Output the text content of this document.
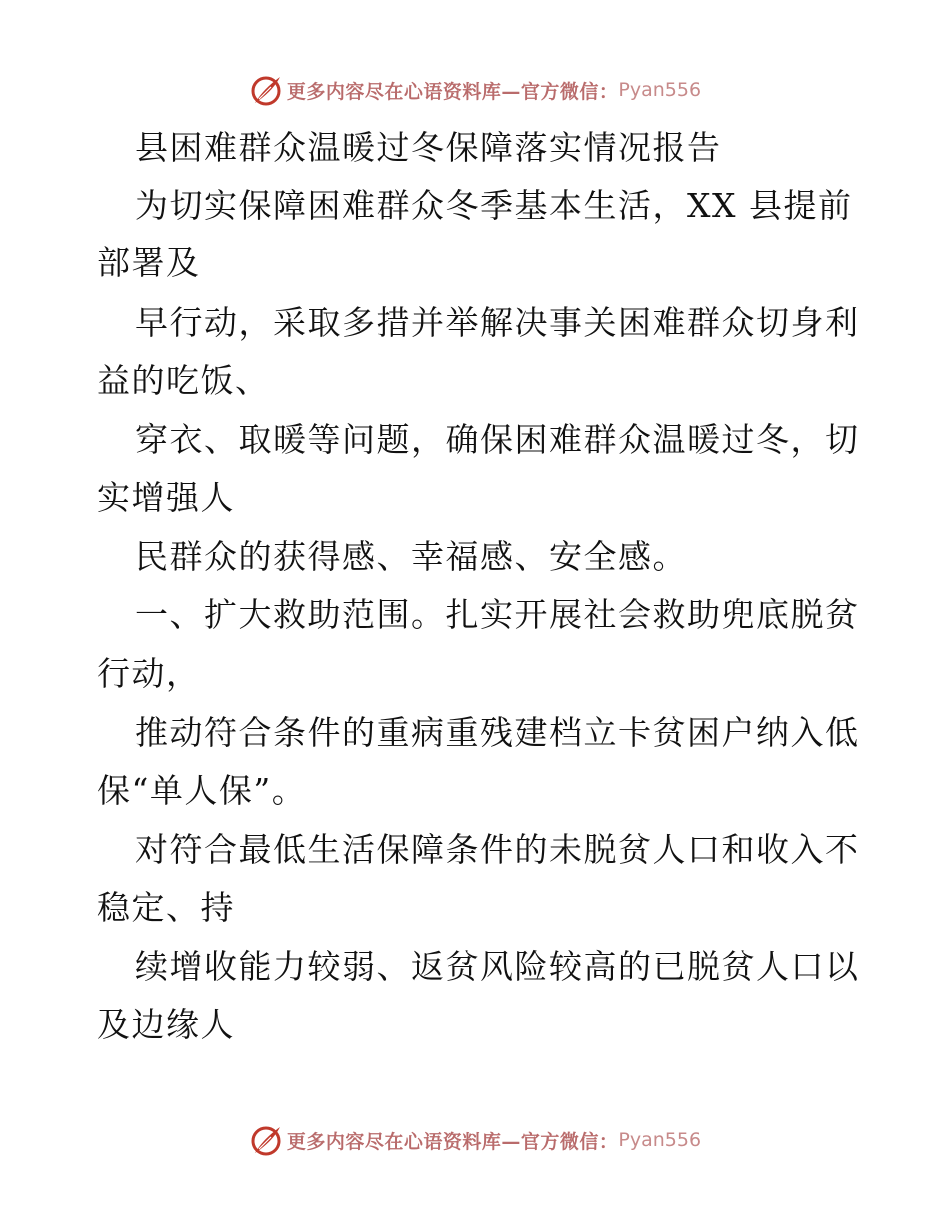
更多内容尽在心语资料库—官方微信： Pyan556
县困难群众温暖过冬保障落实情况报告
为切实保障困难群众冬季基本生活，XX 县提前
部署及
早行动，采取多措并举解决事关困难群众切身利
益的吃饭、
穿衣、取暖等问题，确保困难群众温暖过冬，切
实增强人
民群众的获得感、幸福感、安全感。
一、扩大救助范围。扎实开展社会救助兜底脱贫
行动，
推动符合条件的重病重残建档立卡贫困户纳入低
保“单人保”。
对符合最低生活保障条件的未脱贫人口和收入不
稳定、持
续增收能力较弱、返贫风险较高的已脱贫人口以
及边缘人
更多内容尽在心语资料库—官方微信： Pyan556
